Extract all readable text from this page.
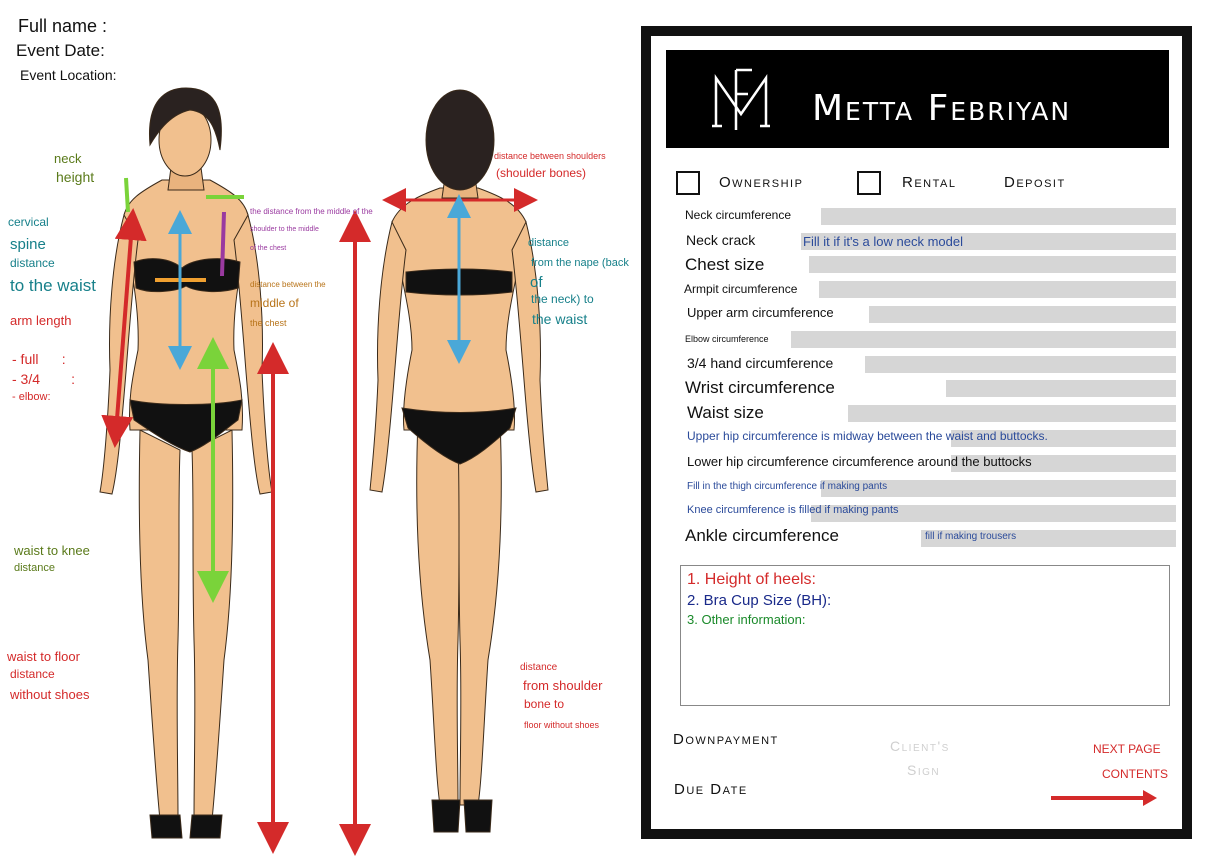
Full name :
Event Date:
Event Location:
neck
height
cervical
spine
distance
to the waist
arm length
- full      :
- 3/4        :
- elbow:
the distance from the middle of the
shoulder to the middle
of the chest
distance between the
middle of
the chest
waist to knee
distance
waist to floor
distance
without shoes
distance between shoulders
(shoulder bones)
distance
from the nape (back
of
the neck) to
the waist
distance
from shoulder
bone to
floor without shoes
Metta Febriyan
Ownership	Rental	Deposit
Neck circumference
Neck crack	Fill it if it's a low neck model
Chest size
Armpit circumference
Upper arm circumference
Elbow circumference
3/4 hand circumference
Wrist circumference
Waist size
Upper hip circumference is midway between the waist and buttocks.
Lower hip circumference circumference around the buttocks
Fill in the thigh circumference if making pants
Knee circumference is filled if making pants
Ankle circumference	fill if making trousers
1. Height of heels:
2. Bra Cup Size (BH):
3. Other information:
Downpayment
Due Date
Client's
Sign
NEXT PAGE
CONTENTS
